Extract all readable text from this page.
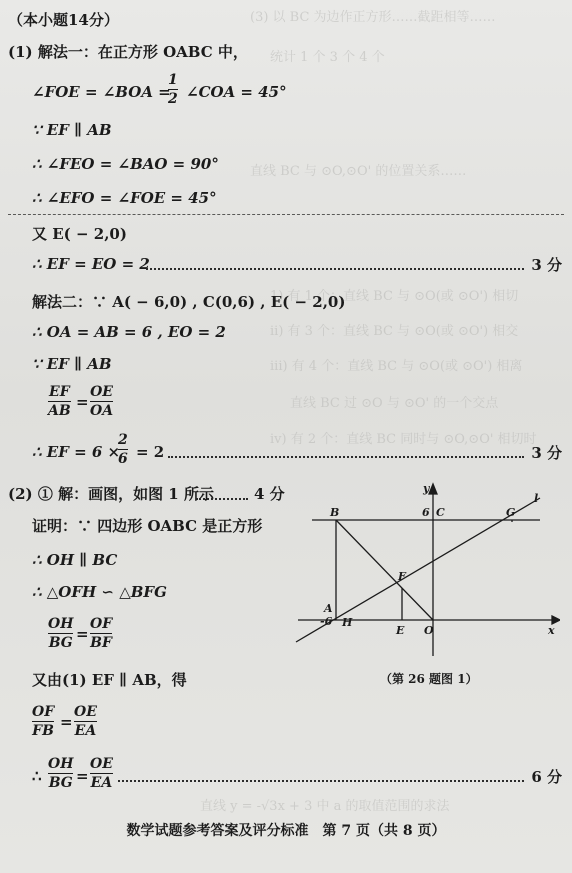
(3) 以 BC 为边作正方形……截距相等……
统计 1 个 3 个 4 个
直线 BC 与 ⊙O,⊙O' 的位置关系……
1) 有 1 个：直线 BC 与 ⊙O(或 ⊙O') 相切
ii) 有 3 个：直线 BC 与 ⊙O(或 ⊙O') 相交
iii) 有 4 个：直线 BC 与 ⊙O(或 ⊙O') 相离
直线 BC 过 ⊙O 与 ⊙O' 的一个交点
iv) 有 2 个：直线 BC 同时与 ⊙O,⊙O' 相切时
直线 y = -√3x + 3 中 a 的取值范围的求法
（本小题14分）
(1) 解法一：在正方形 OABC 中，
∠FOE = ∠BOA =
1
2 ∠COA = 45°
∵ EF ∥ AB
∴ ∠FEO = ∠BAO = 90°
∴ ∠EFO = ∠FOE = 45°
又 E( − 2,0)
∴ EF = EO = 2	3 分
解法二：∵ A( − 6,0) , C(0,6) , E( − 2,0)
∴ OA = AB = 6 , EO = 2
∵ EF ∥ AB
EF
AB =
OE
OA
∴ EF = 6 ×
2
6 = 2	3 分
(2) ① 解：画图，如图 1 所示	4 分
证明：∵ 四边形 OABC 是正方形
∴ OH ∥ BC
∴ △OFH ∽ △BFG
OH
BG =
OF
BF
又由(1) EF ∥ AB，得
OF
FB =
OE
EA
∴
OH
BG =
OE
EA	6 分
y
x
l
B	6 C	G
F
A
-6 H
E O
（第 26 题图 1）
数学试题参考答案及评分标准　第 7 页（共 8 页）
